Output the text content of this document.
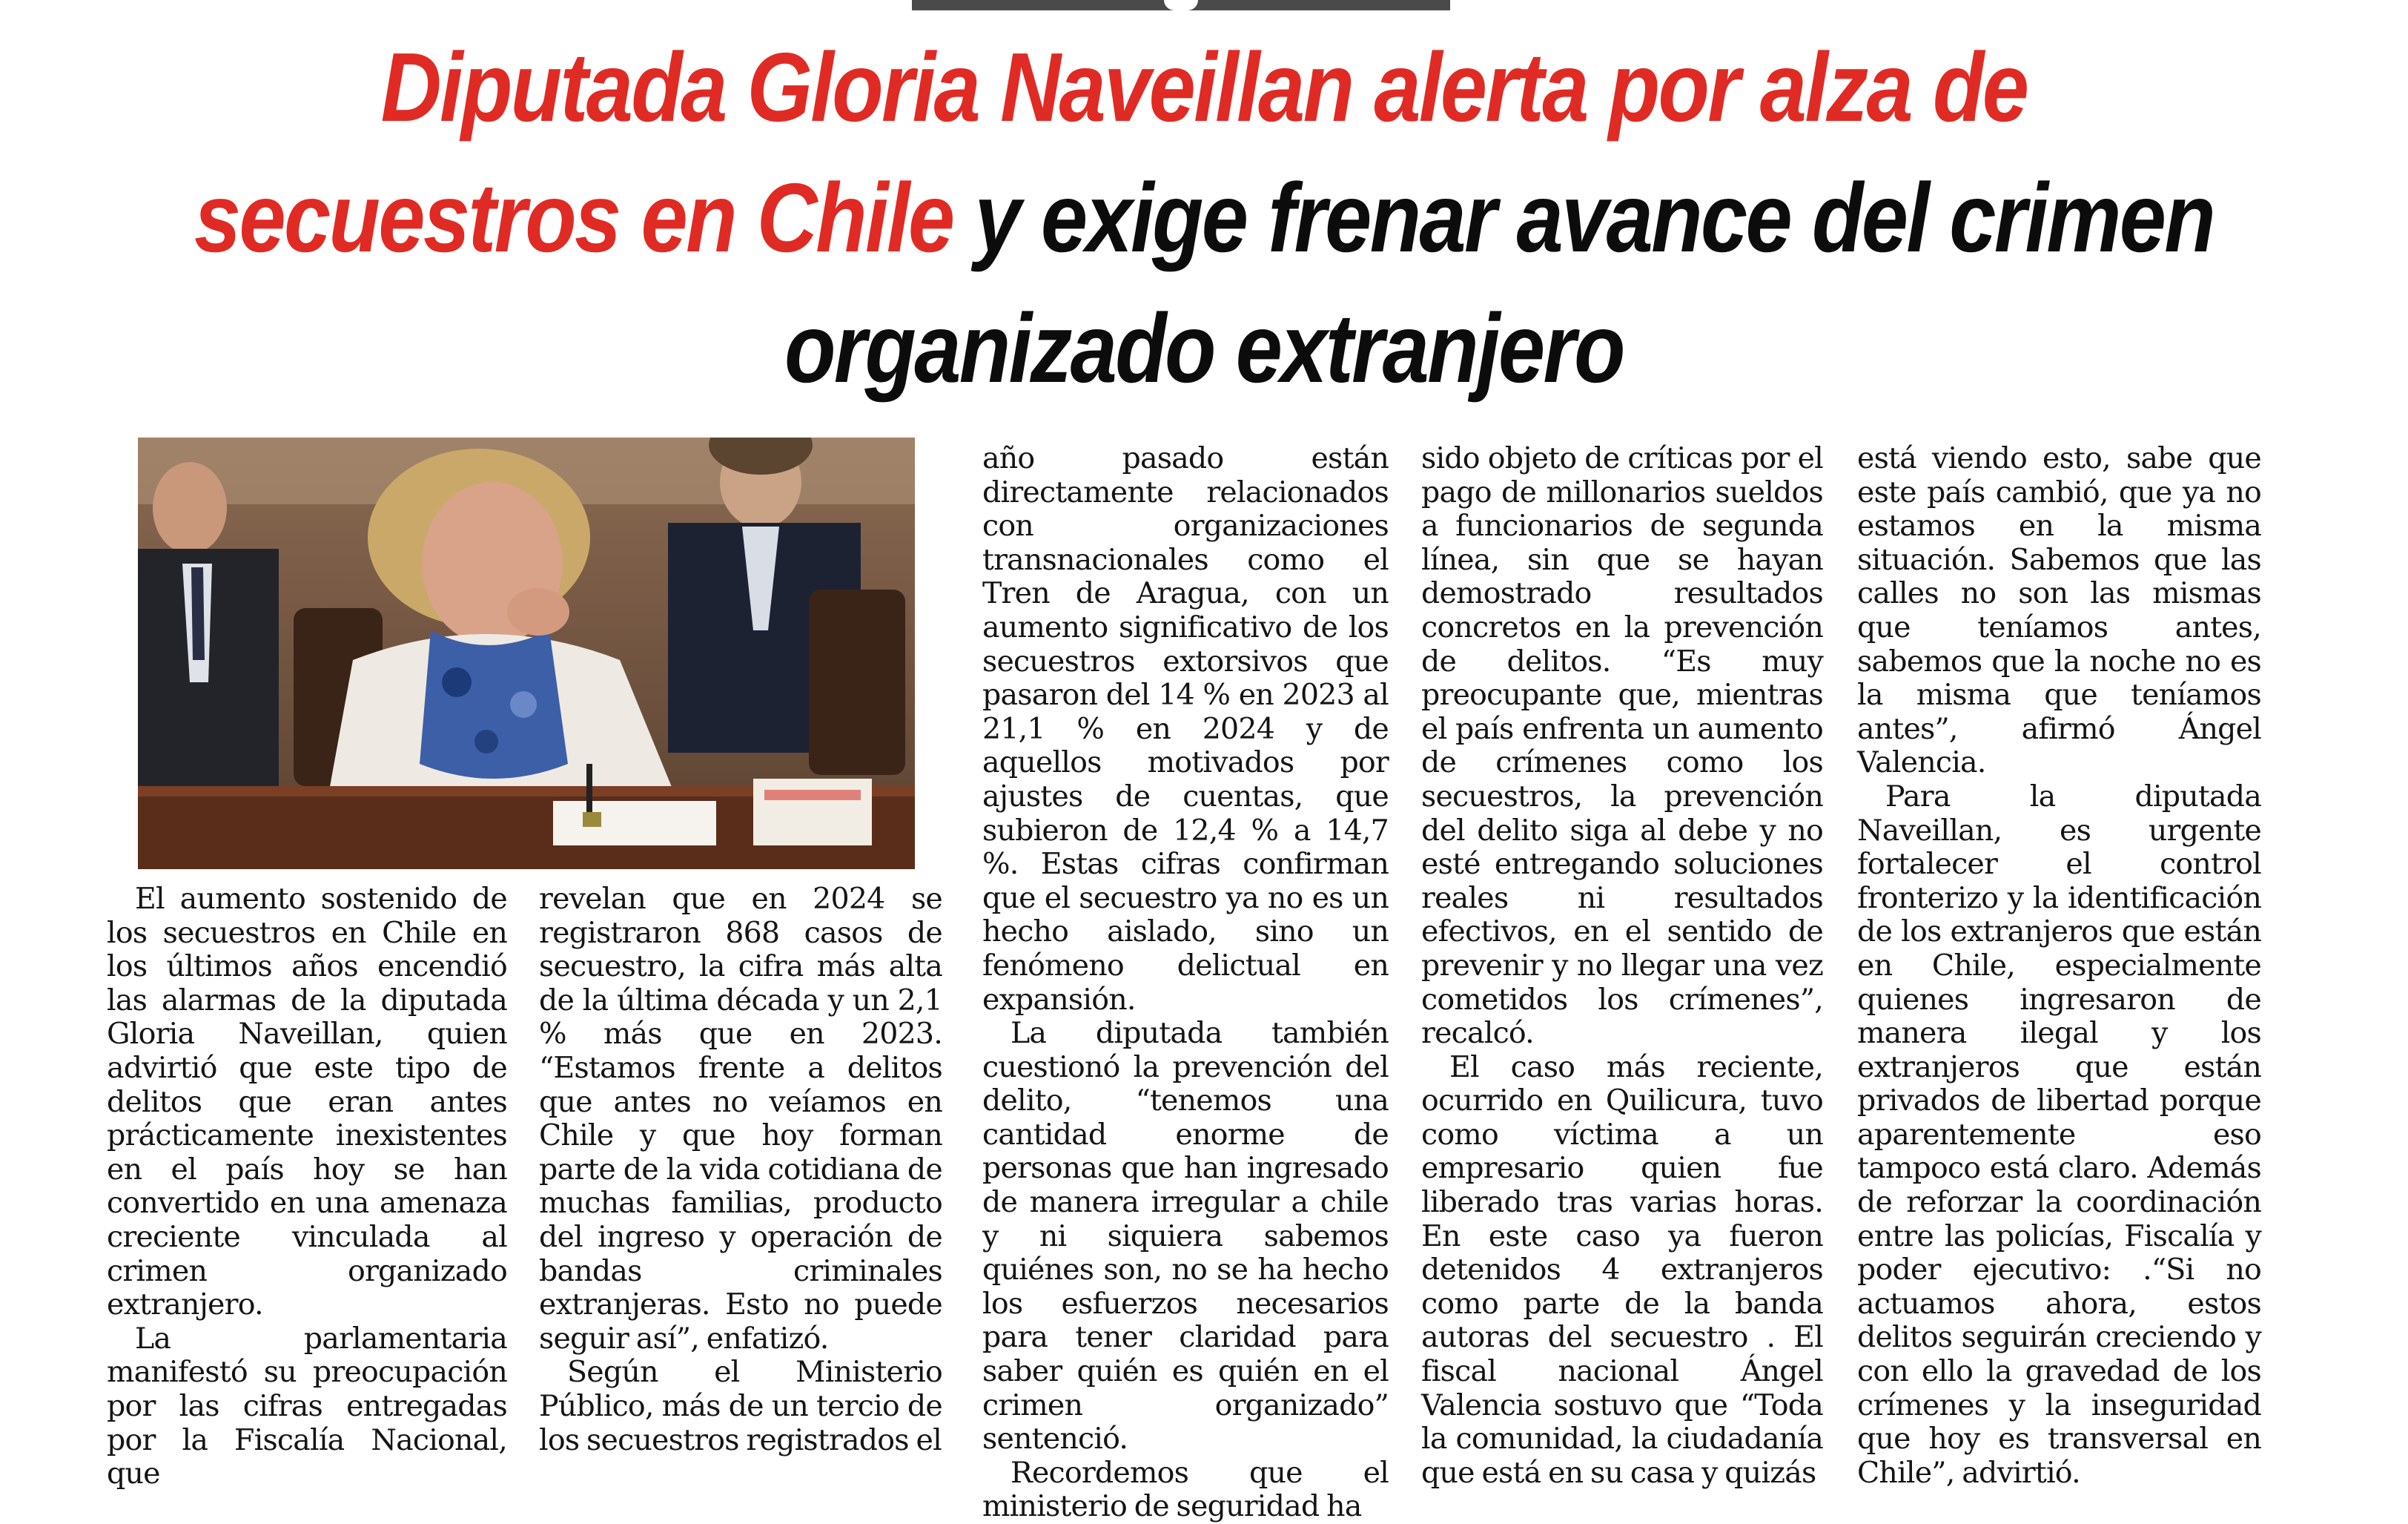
Diputada Gloria Naveillan alerta por alza de secuestros en Chile y exige frenar avance del crimen organizado extranjero

El aumento sostenido de los secuestros en Chile en los últimos años encendió las alarmas de la diputada Gloria Naveillan, quien advirtió que este tipo de delitos que eran antes prácticamente inexistentes en el país hoy se han convertido en una amenaza creciente vinculada al crimen organizado extranjero.

La parlamentaria manifestó su preocupación por las cifras entregadas por la Fiscalía Nacional, que

revelan que en 2024 se registraron 868 casos de secuestro, la cifra más alta de la última década y un 2,1 % más que en 2023. “Estamos frente a delitos que antes no veíamos en Chile y que hoy forman parte de la vida cotidiana de muchas familias, producto del ingreso y operación de bandas criminales extranjeras. Esto no puede seguir así”, enfatizó.

Según el Ministerio Público, más de un tercio de los secuestros registrados el

año pasado están directamente relacionados con organizaciones transnacionales como el Tren de Aragua, con un aumento significativo de los secuestros extorsivos que pasaron del 14 % en 2023 al 21,1 % en 2024 y de aquellos motivados por ajustes de cuentas, que subieron de 12,4 % a 14,7 %. Estas cifras confirman que el secuestro ya no es un hecho aislado, sino un fenómeno delictual en expansión.

La diputada también cuestionó la prevención del delito, “tenemos una cantidad enorme de personas que han ingresado de manera irregular a chile y ni siquiera sabemos quiénes son, no se ha hecho los esfuerzos necesarios para tener claridad para saber quién es quién en el crimen organizado” sentenció.

Recordemos que el ministerio de seguridad ha

sido objeto de críticas por el pago de millonarios sueldos a funcionarios de segunda línea, sin que se hayan demostrado resultados concretos en la prevención de delitos. “Es muy preocupante que, mientras el país enfrenta un aumento de crímenes como los secuestros, la prevención del delito siga al debe y no esté entregando soluciones reales ni resultados efectivos, en el sentido de prevenir y no llegar una vez cometidos los crímenes”, recalcó.

El caso más reciente, ocurrido en Quilicura, tuvo como víctima a un empresario quien fue liberado tras varias horas. En este caso ya fueron detenidos 4 extranjeros como parte de la banda autoras del secuestro . El fiscal nacional Ángel Valencia sostuvo que “Toda la comunidad, la ciudadanía que está en su casa y quizás

está viendo esto, sabe que este país cambió, que ya no estamos en la misma situación. Sabemos que las calles no son las mismas que teníamos antes, sabemos que la noche no es la misma que teníamos antes”, afirmó Ángel Valencia.

Para la diputada Naveillan, es urgente fortalecer el control fronterizo y la identificación de los extranjeros que están en Chile, especialmente quienes ingresaron de manera ilegal y los extranjeros que están privados de libertad porque aparentemente eso tampoco está claro. Además de reforzar la coordinación entre las policías, Fiscalía y poder ejecutivo: .“Si no actuamos ahora, estos delitos seguirán creciendo y con ello la gravedad de los crímenes y la inseguridad que hoy es transversal en Chile”, advirtió.
